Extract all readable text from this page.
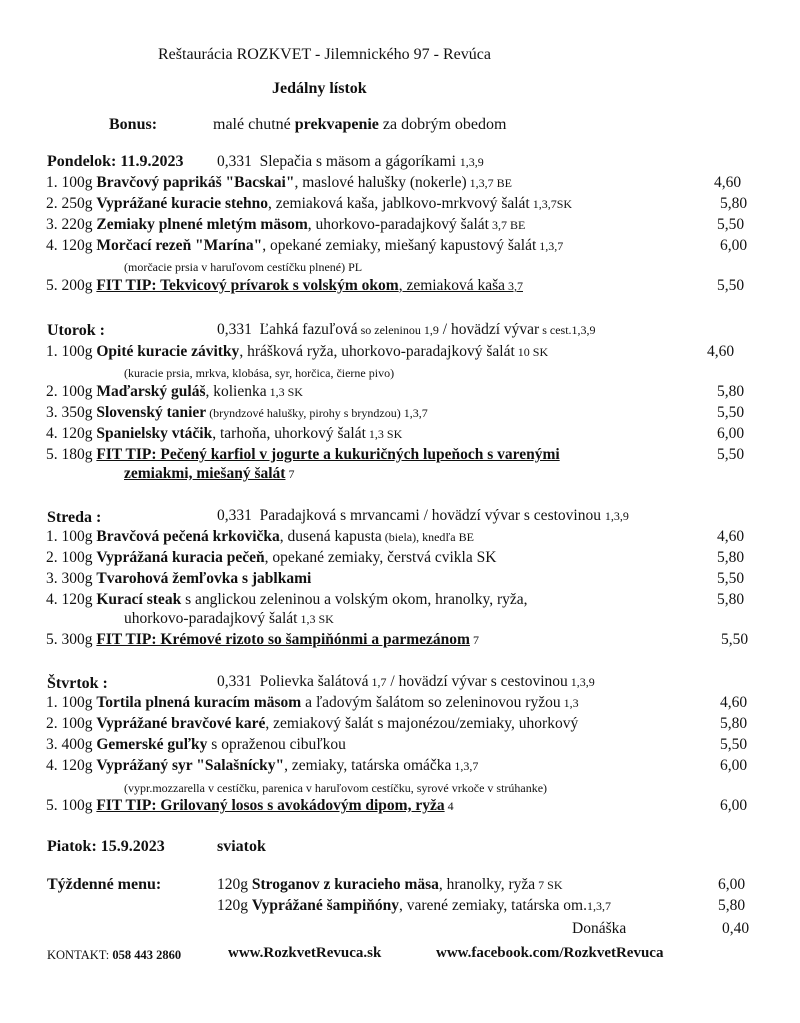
Reštaurácia ROZKVET - Jilemnického 97 - Revúca
Jedálny lístok
Bonus:	malé chutné prekvapenie za dobrým obedom
Pondelok: 11.9.2023 0,331 Slepačia s mäsom a gágoríkami 1,3,9
1. 100g Bravčový paprikáš "Bacskai", maslové halušky (nokerle) 1,3,7 BE	4,60
2. 250g Vyprážané kuracie stehno, zemiaková kaša, jablkovo-mrkvový šalát 1,3,7SK	5,80
3. 220g Zemiaky plnené mletým mäsom, uhorkovo-paradajkový šalát 3,7 BE	5,50
4. 120g Morčací rezeň "Marína", opekané zemiaky, miešaný kapustový šalát 1,3,7	6,00
(morčacie prsia v haruľovom cestíčku plnené) PL
5. 200g FIT TIP: Tekvicový prívarok s volským okom, zemiaková kaša 3,7	5,50
Utorok :	0,331 Ľahká fazuľová so zeleninou 1,9 / hovädzí vývar s cest.1,3,9
1. 100g Opité kuracie závitky, hrášková ryža, uhorkovo-paradajkový šalát 10 SK	4,60
(kuracie prsia, mrkva, klobása, syr, horčica, čierne pivo)
2. 100g Maďarský guláš, kolienka 1,3 SK	5,80
3. 350g Slovenský tanier (bryndzové halušky, pirohy s bryndzou) 1,3,7	5,50
4. 120g Spanielsky vtáčik, tarhoňa, uhorkový šalát 1,3 SK	6,00
5. 180g FIT TIP: Pečený karfiol v jogurte a kukuričných lupeňoch s varenými	5,50
zemiakmi, miešaný šalát 7
Streda :	0,331 Paradajková s mrvancami / hovädzí vývar s cestovinou 1,3,9
1. 100g Bravčová pečená krkovička, dusená kapusta (biela), knedľa BE	4,60
2. 100g Vyprážaná kuracia pečeň, opekané zemiaky, čerstvá cvikla SK	5,80
3. 300g Tvarohová žemľovka s jablkami	5,50
4. 120g Kurací steak s anglickou zeleninou a volským okom, hranolky, ryža,	5,80
uhorkovo-paradajkový šalát 1,3 SK
5. 300g FIT TIP: Krémové rizoto so šampiňónmi a parmezánom 7	5,50
Štvrtok :	0,331 Polievka šalátová 1,7 / hovädzí vývar s cestovinou 1,3,9
1. 100g Tortila plnená kuracím mäsom a ľadovým šalátom so zeleninovou ryžou 1,3	4,60
2. 100g Vyprážané bravčové karé, zemiakový šalát s majonézou/zemiaky, uhorkový	5,80
3. 400g Gemerské guľky s opraženou cibuľkou	5,50
4. 120g Vyprážaný syr "Salašnícky", zemiaky, tatárska omáčka 1,3,7	6,00
(vypr.mozzarella v cestíčku, parenica v haruľovom cestíčku, syrové vrkoče v strúhanke)
5. 100g FIT TIP: Grilovaný losos s avokádovým dipom, ryža 4	6,00
Piatok: 15.9.2023	sviatok
Týždenné menu:	120g Stroganov z kuracieho mäsa, hranolky, ryža 7 SK	6,00
120g Vyprážané šampiňóny, varené zemiaky, tatárska om.1,3,7	5,80
Donáška	0,40
KONTAKT: 058 443 2860	www.RozkvetRevuca.sk	www.facebook.com/RozkvetRevuca
